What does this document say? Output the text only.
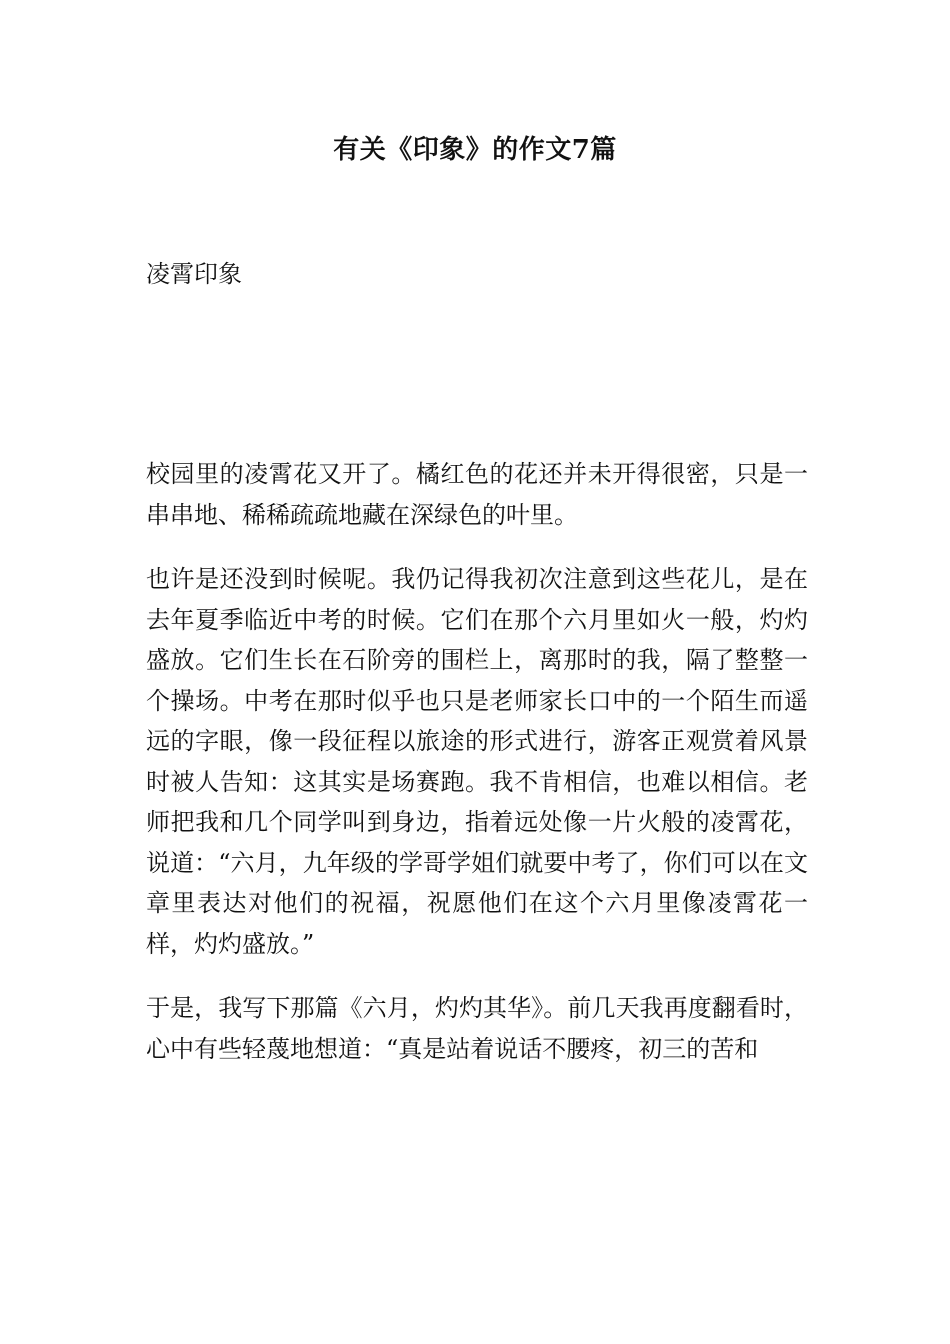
有关《印象》的作文7篇
凌霄印象

校园里的凌霄花又开了。橘红色的花还并未开得很密，只是一串串地、稀稀疏疏地藏在深绿色的叶里。

也许是还没到时候呢。我仍记得我初次注意到这些花儿，是在去年夏季临近中考的时候。它们在那个六月里如火一般，灼灼盛放。它们生长在石阶旁的围栏上，离那时的我，隔了整整一个操场。中考在那时似乎也只是老师家长口中的一个陌生而遥远的字眼，像一段征程以旅途的形式进行，游客正观赏着风景时被人告知：这其实是场赛跑。我不肯相信，也难以相信。老师把我和几个同学叫到身边，指着远处像一片火般的凌霄花，说道：“六月，九年级的学哥学姐们就要中考了，你们可以在文章里表达对他们的祝福，祝愿他们在这个六月里像凌霄花一样，灼灼盛放。”

于是，我写下那篇《六月，灼灼其华》。前几天我再度翻看时，心中有些轻蔑地想道：“真是站着说话不腰疼，初三的苦和
